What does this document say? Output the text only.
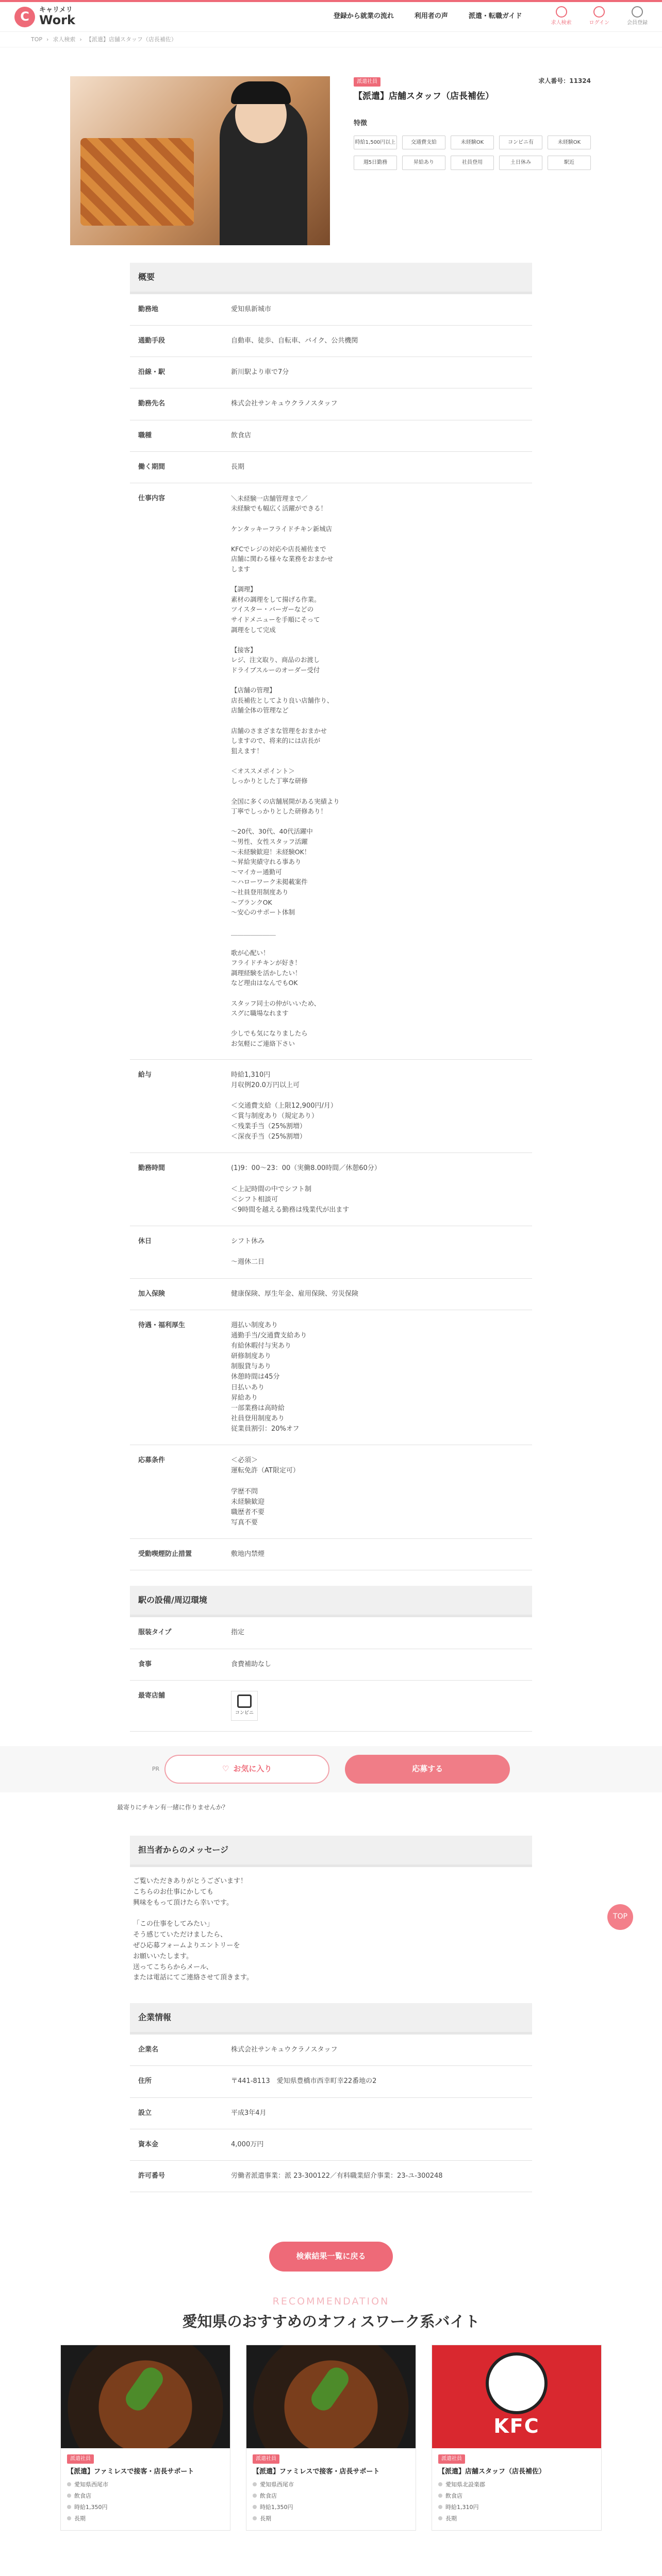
C	キャリメリ
Work	登録から就業の流れ	利用者の声	派遣・転職ガイド
求人検索	ログイン	会員登録
TOP › 求人検索 › 【派遣】店舗スタッフ（店長補佐）
派遣社員
【派遣】店舗スタッフ（店長補佐）
求人番号：11324
特徴
時給1,500円以上	交通費支給	未経験OK	コンビニ有	未経験OK
週5日勤務	昇給あり	社員登用	土日休み	駅近
概要
勤務地	愛知県新城市
通勤手段	自動車、徒歩、自転車、バイク、公共機関
沿線・駅	新川駅より車で7分
勤務先名	株式会社サンキュウクラノスタッフ
職種	飲食店
働く期間	長期
仕事内容	＼未経験一店舗管理まで／
未経験でも幅広く活躍ができる！

ケンタッキーフライドチキン新城店

KFCでレジの対応や店長補佐まで
店舗に関わる様々な業務をおまかせ
します

【調理】
素材の調理をして揚げる作業。
ツイスター・バーガーなどの
サイドメニューを手順にそって
調理をして完成

【接客】
レジ、注文取り、商品のお渡し
ドライブスルーのオーダー受付

【店舗の管理】
店長補佐としてより良い店舗作り、
店舗全体の管理など

店舗のさまざまな管理をおまかせ
しますので、将来的には店長が
狙えます！

＜オススメポイント＞
しっかりとした丁寧な研修

全国に多くの店舗展開がある実績より
丁寧でしっかりとした研修あり！

～20代、30代、40代活躍中
～男性、女性スタッフ活躍
～未経験歓迎！未経験OK！
～昇給実績守れる事あり
～マイカー通勤可
～ハローワーク未掲載案件
～社員登用制度あり
～ブランクOK
～安心のサポート体制

＿＿＿＿＿＿＿

歌が心配い！
フライドチキンが好き！
調理経験を活かしたい！
など理由はなんでもOK

スタッフ同士の仲がいいため、
スグに職場なれます

少しでも気になりましたら
お気軽にご連絡下さい
給与	時給1,310円
月収例20.0万円以上可

＜交通費支給（上限12,900円/月）
＜賞与制度あり（規定あり）
＜残業手当（25%割増）
＜深夜手当（25%割増）
勤務時間	(1)9：00～23：00（実働8.00時間／休憩60分）

＜上記時間の中でシフト制
＜シフト相談可
＜9時間を越える勤務は残業代が出ます
休日	シフト休み

～週休二日
加入保険	健康保険、厚生年金、雇用保険、労災保険
待遇・福利厚生	週払い制度あり
通勤手当/交通費支給あり
有給休暇付与実あり
研修制度あり
制服貸与あり
休憩時間は45分
日払いあり
昇給あり
一部業務は高時給
社員登用制度あり
従業員割引：20%オフ
応募条件	＜必須＞
運転免許（AT限定可）

学歴不問
未経験歓迎
職歴者不要
写真不要
受動喫煙防止措置	敷地内禁煙
駅の設備/周辺環境
服装タイプ	指定
食事	食費補助なし
最寄店舗
コンビニ
PR	♡ お気に入り	応募する
最寄りにチキン有一緒に作りませんか？
担当者からのメッセージ
ご覧いただきありがとうございます！
こちらのお仕事にかしても
興味をもって頂けたら幸いです。

「この仕事をしてみたい」
そう感じていただけましたら、
ぜひ応募フォームよりエントリーを
お願いいたします。
送ってこちらからメール、
または電話にてご連絡させて頂きます。
企業情報
企業名	株式会社サンキュウクラノスタッフ
住所	〒441-8113　愛知県豊橋市西幸町幸22番地の2
設立	平成3年4月
資本金	4,000万円
許可番号	労働者派遣事業：派 23-300122／有料職業紹介事業：23-ユ-300248
検索結果一覧に戻る
RECOMMENDATION
愛知県のおすすめのオフィスワーク系バイト
派遣社員
【派遣】ファミレスで接客・店長サポート
愛知県西尾市
飲食店
時給1,350円
長期
派遣社員
【派遣】ファミレスで接客・店長サポート
愛知県西尾市
飲食店
時給1,350円
長期
KFC
派遣社員
【派遣】店舗スタッフ（店長補佐）
愛知県北設楽郡
飲食店
時給1,310円
長期
TOP
